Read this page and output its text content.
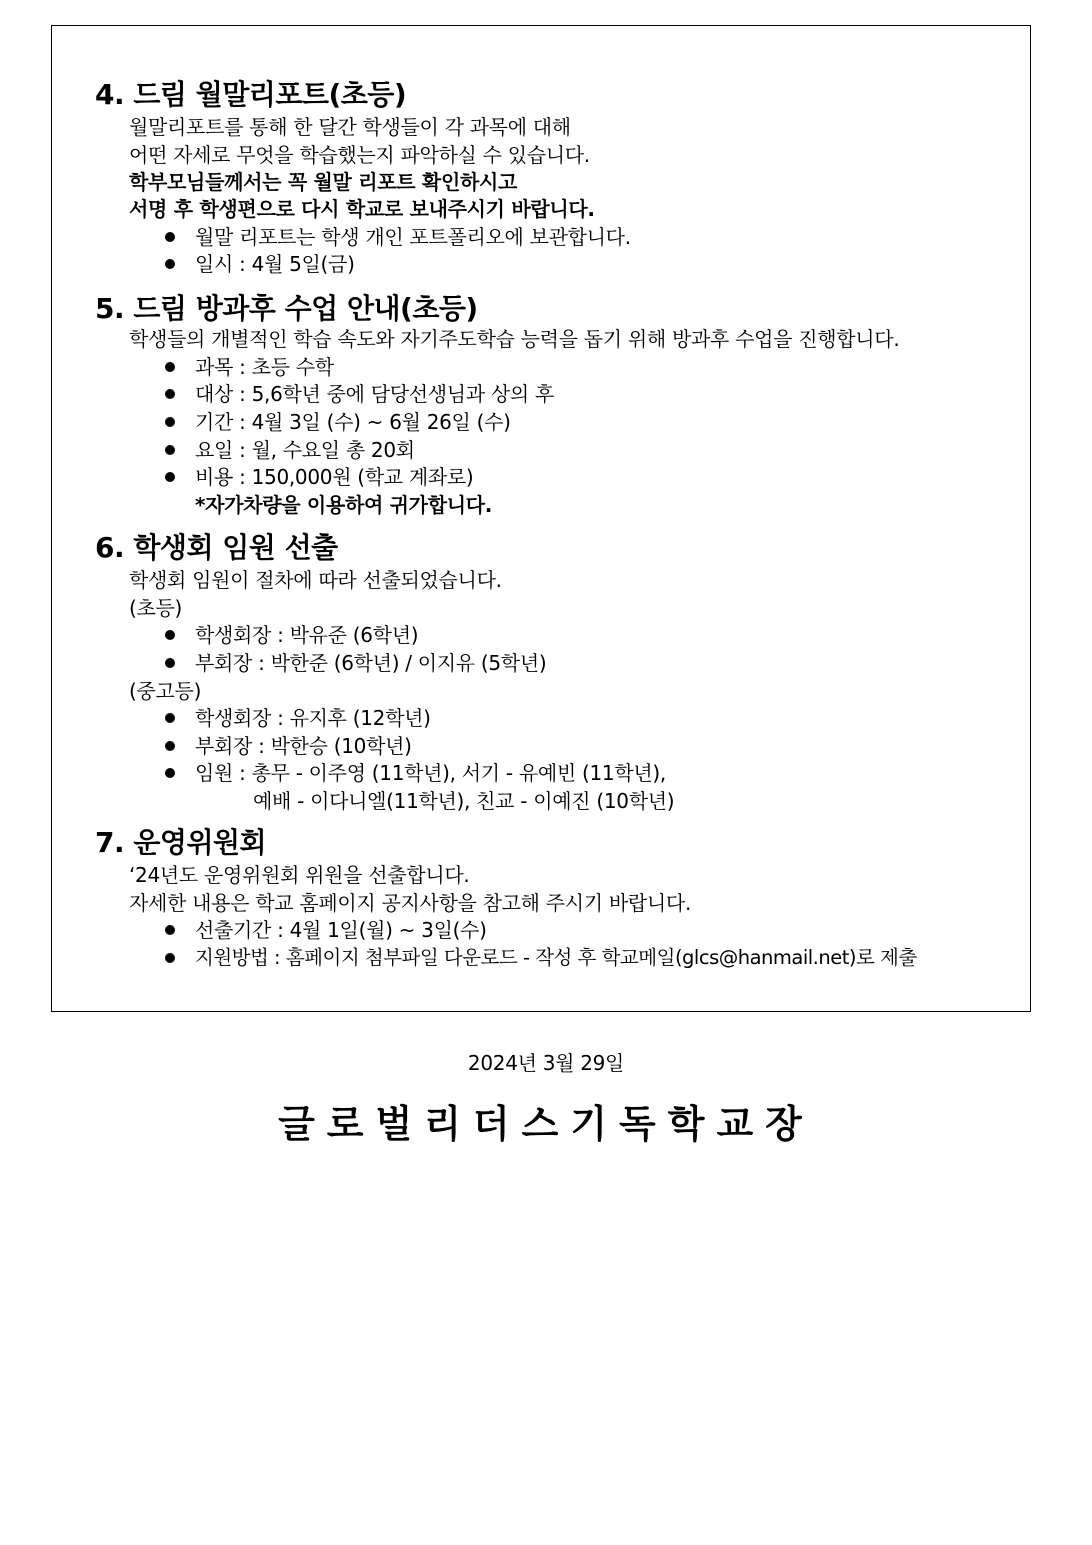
4. 드림 월말리포트(초등)
월말리포트를 통해 한 달간 학생들이 각 과목에 대해
어떤 자세로 무엇을 학습했는지 파악하실 수 있습니다.
학부모님들께서는 꼭 월말 리포트 확인하시고
서명 후 학생편으로 다시 학교로 보내주시기 바랍니다.
월말 리포트는 학생 개인 포트폴리오에 보관합니다.
일시 : 4월 5일(금)
5. 드림 방과후 수업 안내(초등)
학생들의 개별적인 학습 속도와 자기주도학습 능력을 돕기 위해 방과후 수업을 진행합니다.
과목 : 초등 수학
대상 : 5,6학년 중에 담당선생님과 상의 후
기간 : 4월 3일 (수) ~ 6월 26일 (수)
요일 : 월, 수요일 총 20회
비용 : 150,000원 (학교 계좌로)
*자가차량을 이용하여 귀가합니다.
6. 학생회 임원 선출
학생회 임원이 절차에 따라 선출되었습니다.
(초등)
학생회장 : 박유준 (6학년)
부회장 : 박한준 (6학년) / 이지유 (5학년)
(중고등)
학생회장 : 유지후 (12학년)
부회장 : 박한승 (10학년)
임원 : 총무 - 이주영 (11학년), 서기 - 유예빈 (11학년),
예배 - 이다니엘(11학년), 친교 - 이예진 (10학년)
7. 운영위원회
‘24년도 운영위원회 위원을 선출합니다.
자세한 내용은 학교 홈페이지 공지사항을 참고해 주시기 바랍니다.
선출기간 : 4월 1일(월) ~ 3일(수)
지원방법 : 홈페이지 첨부파일 다운로드 - 작성 후 학교메일(glcs@hanmail.net)로 제출
2024년 3월 29일
글로벌리더스기독학교장
